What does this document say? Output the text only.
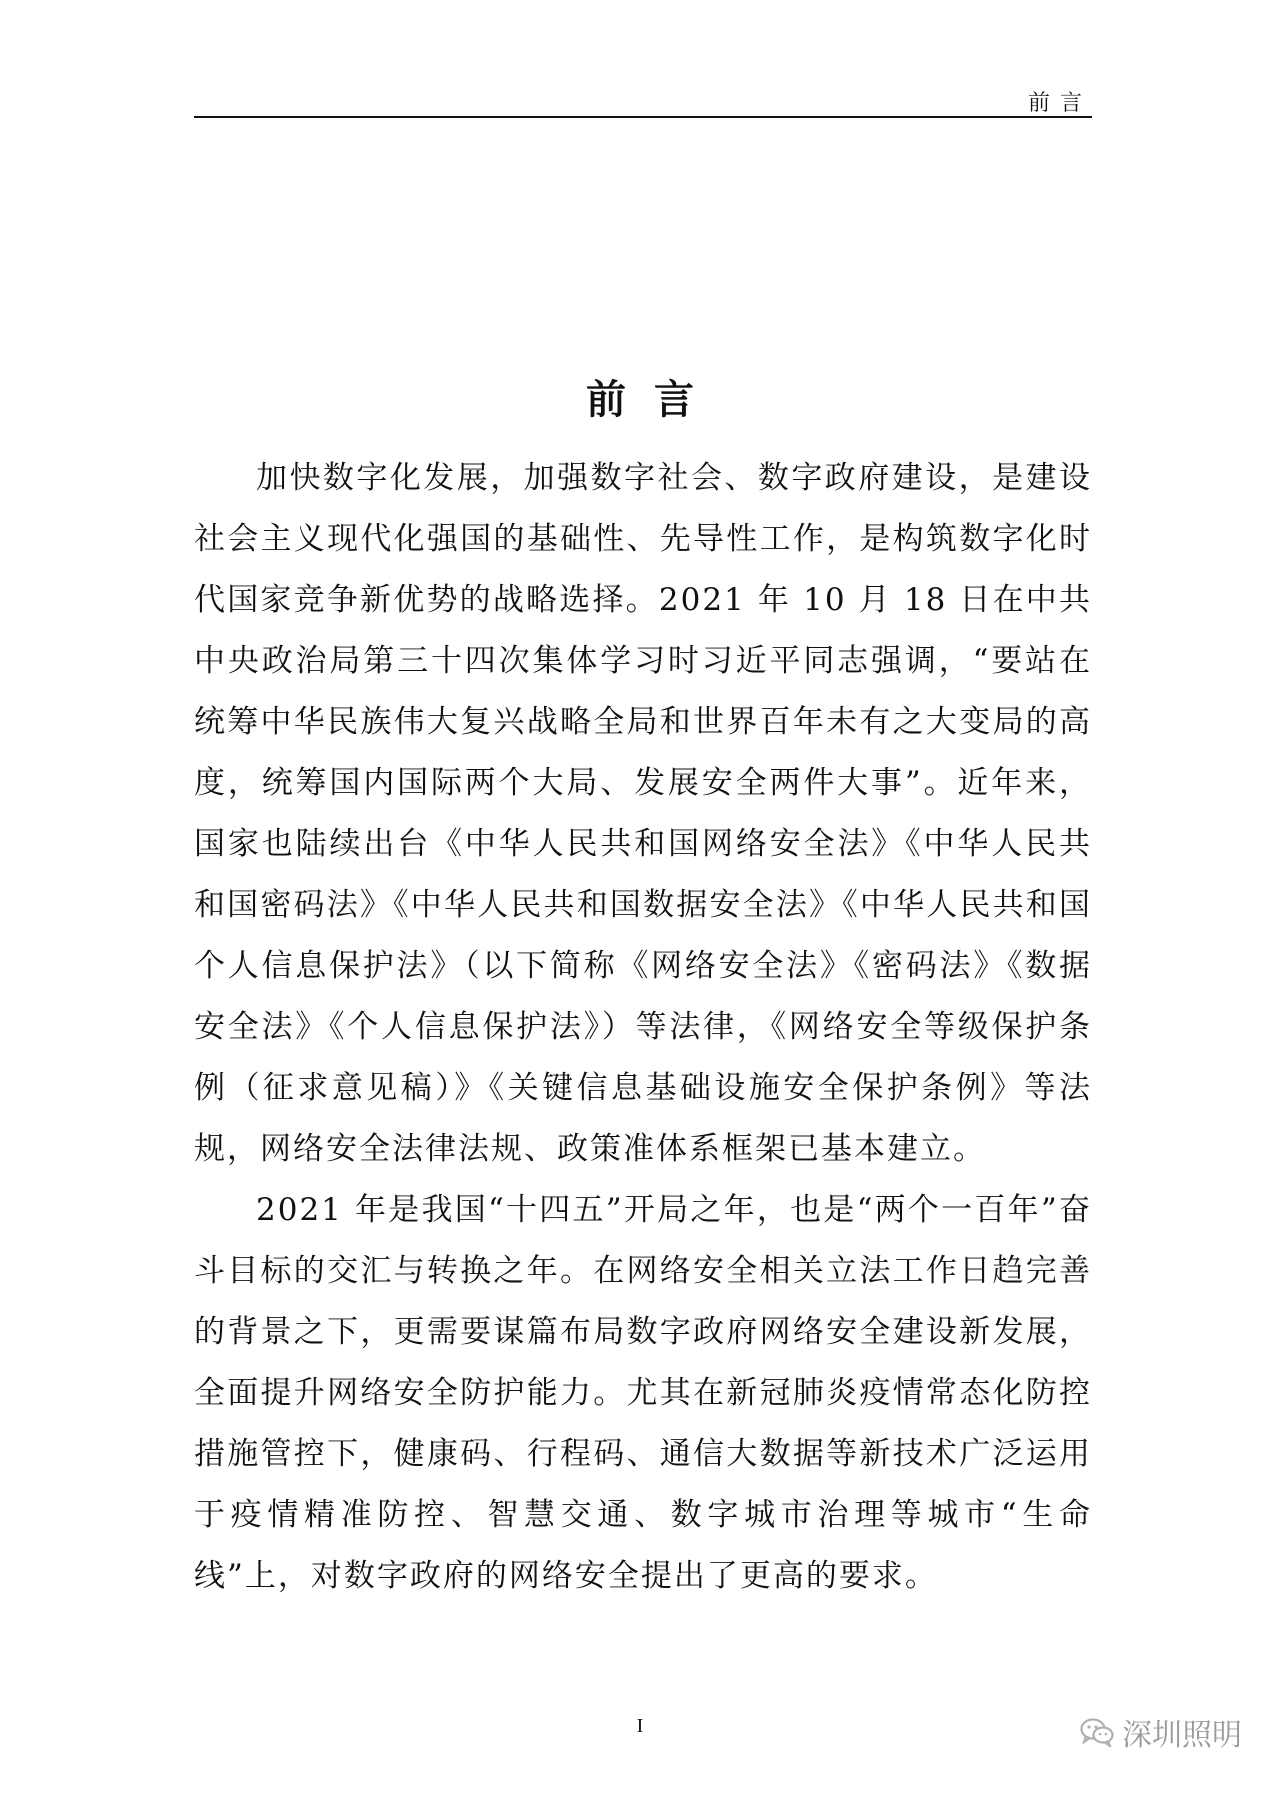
前言
前言

加快数字化发展，加强数字社会、数字政府建设，是建设社会主义现代化强国的基础性、先导性工作，是构筑数字化时代国家竞争新优势的战略选择。2021 年 10 月 18 日在中共中央政治局第三十四次集体学习时习近平同志强调，“要站在统筹中华民族伟大复兴战略全局和世界百年未有之大变局的高度，统筹国内国际两个大局、发展安全两件大事”。近年来，国家也陆续出台《中华人民共和国网络安全法》《中华人民共和国密码法》《中华人民共和国数据安全法》《中华人民共和国个人信息保护法》（以下简称《网络安全法》《密码法》《数据安全法》《个人信息保护法》）等法律，《网络安全等级保护条例（征求意见稿）》《关键信息基础设施安全保护条例》等法规，网络安全法律法规、政策准体系框架已基本建立。

2021 年是我国“十四五”开局之年，也是“两个一百年”奋斗目标的交汇与转换之年。在网络安全相关立法工作日趋完善的背景之下，更需要谋篇布局数字政府网络安全建设新发展，全面提升网络安全防护能力。尤其在新冠肺炎疫情常态化防控措施管控下，健康码、行程码、通信大数据等新技术广泛运用于疫情精准防控、智慧交通、数字城市治理等城市“生命线”上，对数字政府的网络安全提出了更高的要求。

I	深圳照明
